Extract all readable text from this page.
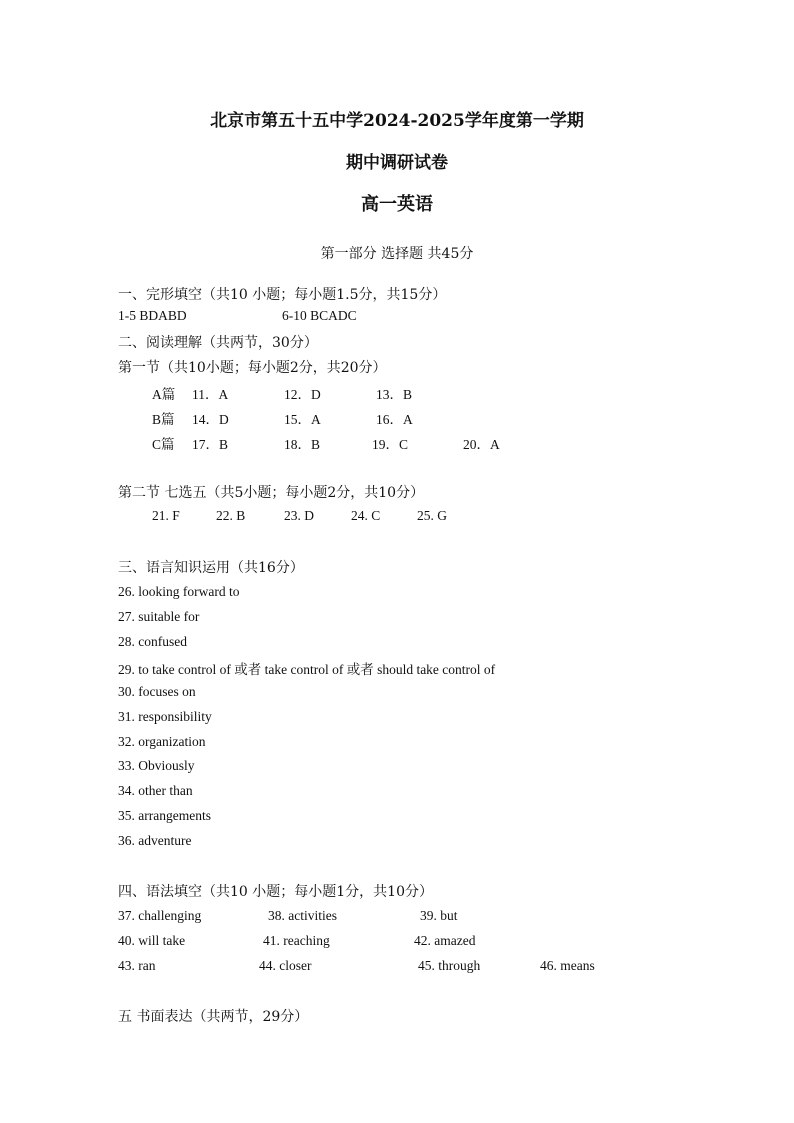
北京市第五十五中学2024-2025学年度第一学期
期中调研试卷
高一英语
第一部分 选择题 共45分
一、完形填空（共10 小题；每小题1.5分，共15分）
1-5 BDABD	6-10 BCADC
二、阅读理解（共两节，30分）
第一节（共10小题；每小题2分，共20分）
A篇 11．A	12．D	13．B
B篇 14．D	15．A	16．A
C篇 17．B	18．B	19．C	20．A
第二节 七选五（共5小题；每小题2分，共10分）
21. F	22. B	23. D	24. C	25. G
三、语言知识运用（共16分）
26. looking forward to
27. suitable for
28. confused
29. to take control of 或者 take control of 或者 should take control of
30. focuses on
31. responsibility
32. organization
33. Obviously
34. other than
35. arrangements
36. adventure
四、语法填空（共10 小题；每小题1分，共10分）
37. challenging	38. activities	39. but
40. will take	41. reaching	42. amazed
43. ran	44. closer	45. through	46. means
五 书面表达（共两节，29分）
